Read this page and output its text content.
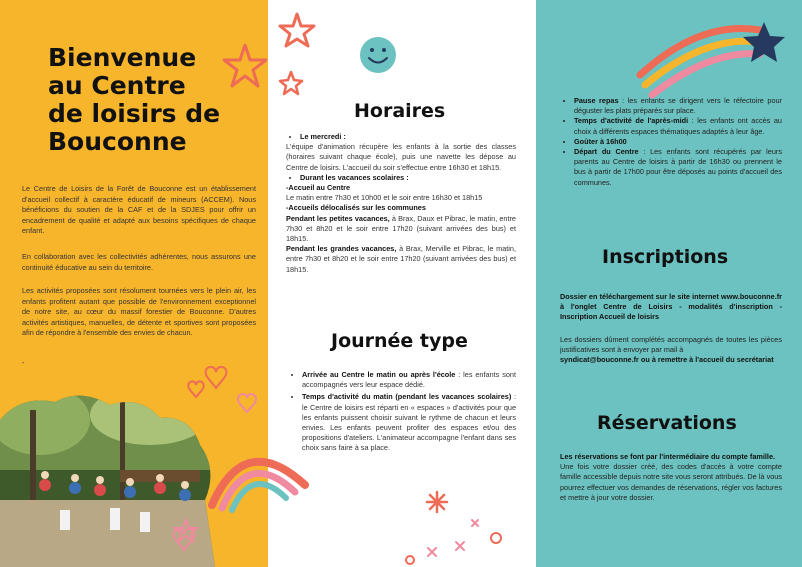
Bienvenue
au Centre
de loisirs de
Bouconne

Le Centre de Loisirs de la Forêt de Bouconne est un établissement d'accueil collectif à caractère éducatif de mineurs (ACCEM). Nous bénéficions du soutien de la CAF et de la SDJES pour offrir un encadrement de qualité et adapté aux besoins spécifiques de chaque enfant.

En collaboration avec les collectivités adhérentes, nous assurons une continuité éducative au sein du territoire.

Les activités proposées sont résolument tournées vers le plein air, les enfants profitent autant que possible de l'environnement exceptionnel de notre site, au cœur du massif forestier de Bouconne. D'autres activités artistiques, manuelles, de détente et sportives sont proposées afin de répondre à l'ensemble des envies de chacun.

-

Horaires
• Le mercredi :

L'équipe d'animation récupère les enfants à la sortie des classes (horaires suivant chaque école), puis une navette les dépose au Centre de loisirs. L'accueil du soir s'effectue entre 16h30 et 18h15.

• Durant les vacances scolaires :

-Accueil au Centre

Le matin entre 7h30 et 10h00 et le soir entre 16h30 et 18h15

-Accueils délocalisés sur les communes

Pendant les petites vacances, à Brax, Daux et Pibrac, le matin, entre 7h30 et 8h20 et le soir entre 17h20 (suivant arrivées des bus) et 18h15.

Pendant les grandes vacances, à Brax, Merville et Pibrac, le matin, entre 7h30 et 8h20 et le soir entre 17h20 (suivant arrivées des bus) et 18h15.

Journée type
• Arrivée au Centre le matin ou après l'école : les enfants sont accompagnés vers leur espace dédié.
• Temps d'activité du matin (pendant les vacances scolaires) : le Centre de loisirs est réparti en « espaces » d'activités pour que les enfants puissent choisir suivant le rythme de chacun et leurs envies. Les enfants peuvent profiter des espaces et/ou des propositions d'ateliers. L'animateur accompagne l'enfant dans ses choix sans faire à sa place.
• Pause repas : les enfants se dirigent vers le réfectoire pour déguster les plats préparés sur place.
• Temps d'activité de l'après-midi : les enfants ont accès au choix à différents espaces thématiques adaptés à leur âge.
• Goûter à 16h00
• Départ du Centre : Les enfants sont récupérés par leurs parents au Centre de loisirs à partir de 16h30 ou prennent le bus à partir de 17h00 pour être déposés au points d'accueil des communes.
Inscriptions

Dossier en téléchargement sur le site internet www.bouconne.fr à l'onglet Centre de Loisirs - modalités d'inscription - Inscription Accueil de loisirs

Les dossiers dûment complétés accompagnés de toutes les pièces justificatives sont à envoyer par mail à

syndicat@bouconne.fr ou à remettre à l'accueil du secrétariat

Réservations

Les réservations se font par l'intermédiaire du compte famille.

Une fois votre dossier créé, des codes d'accès à votre compte famille accessible depuis notre site vous seront attribués. De là vous pourrez effectuer vos demandes de réservations, régler vos factures et mettre à jour votre dossier.
